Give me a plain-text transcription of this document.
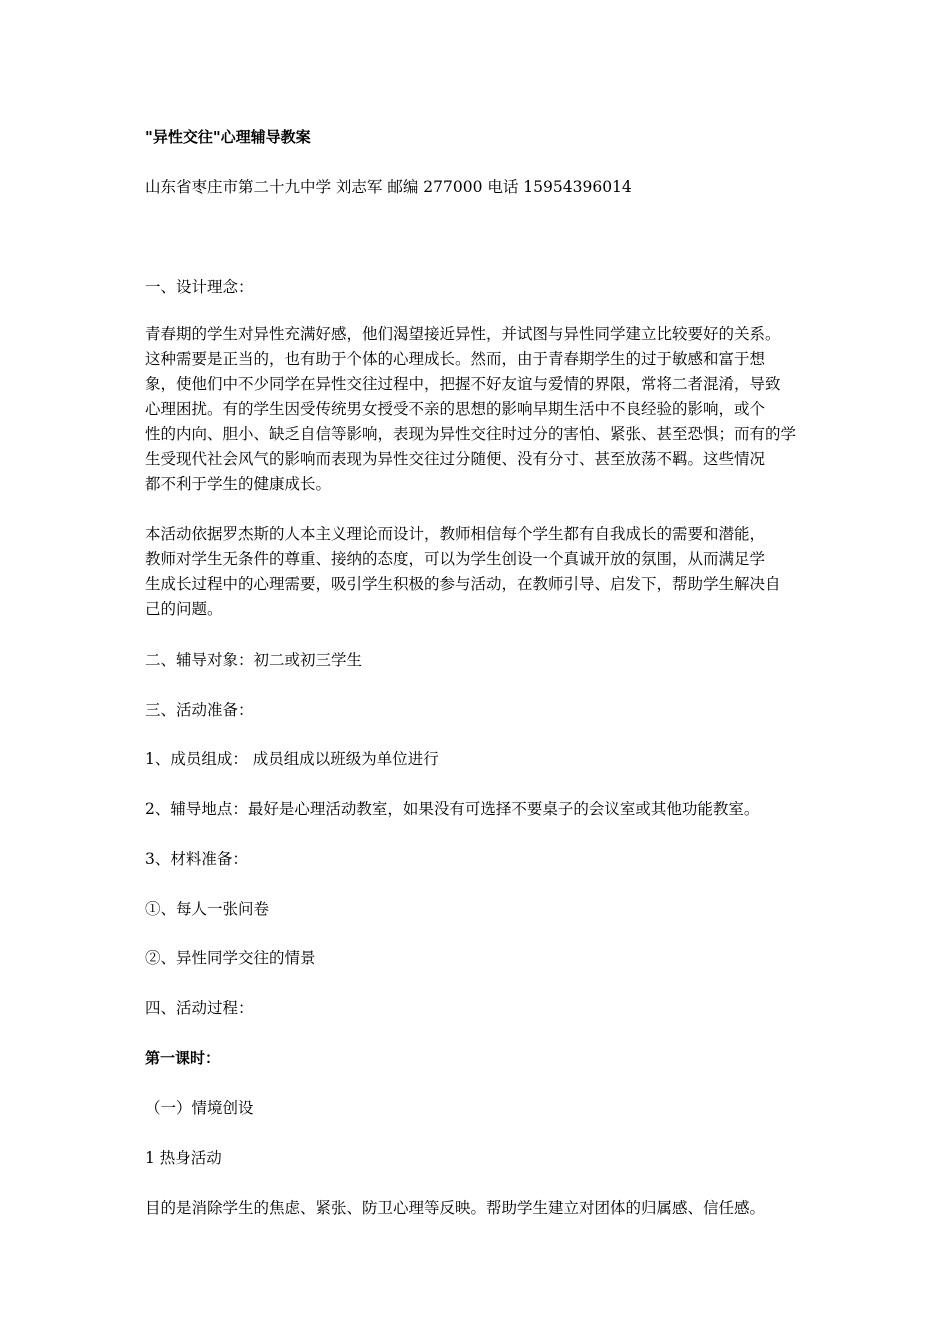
"异性交往"心理辅导教案
山东省枣庄市第二十九中学 刘志军 邮编 277000 电话 15954396014
一、设计理念：
青春期的学生对异性充满好感，他们渴望接近异性，并试图与异性同学建立比较要好的关系。
这种需要是正当的，也有助于个体的心理成长。然而，由于青春期学生的过于敏感和富于想
象，使他们中不少同学在异性交往过程中，把握不好友谊与爱情的界限，常将二者混淆，导致
心理困扰。有的学生因受传统男女授受不亲的思想的影响早期生活中不良经验的影响，或个
性的内向、胆小、缺乏自信等影响，表现为异性交往时过分的害怕、紧张、甚至恐惧；而有的学
生受现代社会风气的影响而表现为异性交往过分随便、没有分寸、甚至放荡不羁。这些情况
都不利于学生的健康成长。
本活动依据罗杰斯的人本主义理论而设计，教师相信每个学生都有自我成长的需要和潜能，
教师对学生无条件的尊重、接纳的态度，可以为学生创设一个真诚开放的氛围，从而满足学
生成长过程中的心理需要，吸引学生积极的参与活动，在教师引导、启发下，帮助学生解决自
己的问题。
二、辅导对象：初二或初三学生
三、活动准备：
1、成员组成： 成员组成以班级为单位进行
2、辅导地点：最好是心理活动教室，如果没有可选择不要桌子的会议室或其他功能教室。
3、材料准备：
①、每人一张问卷
②、异性同学交往的情景
四、活动过程：
第一课时：
（一）情境创设
1 热身活动
目的是消除学生的焦虑、紧张、防卫心理等反映。帮助学生建立对团体的归属感、信任感。
